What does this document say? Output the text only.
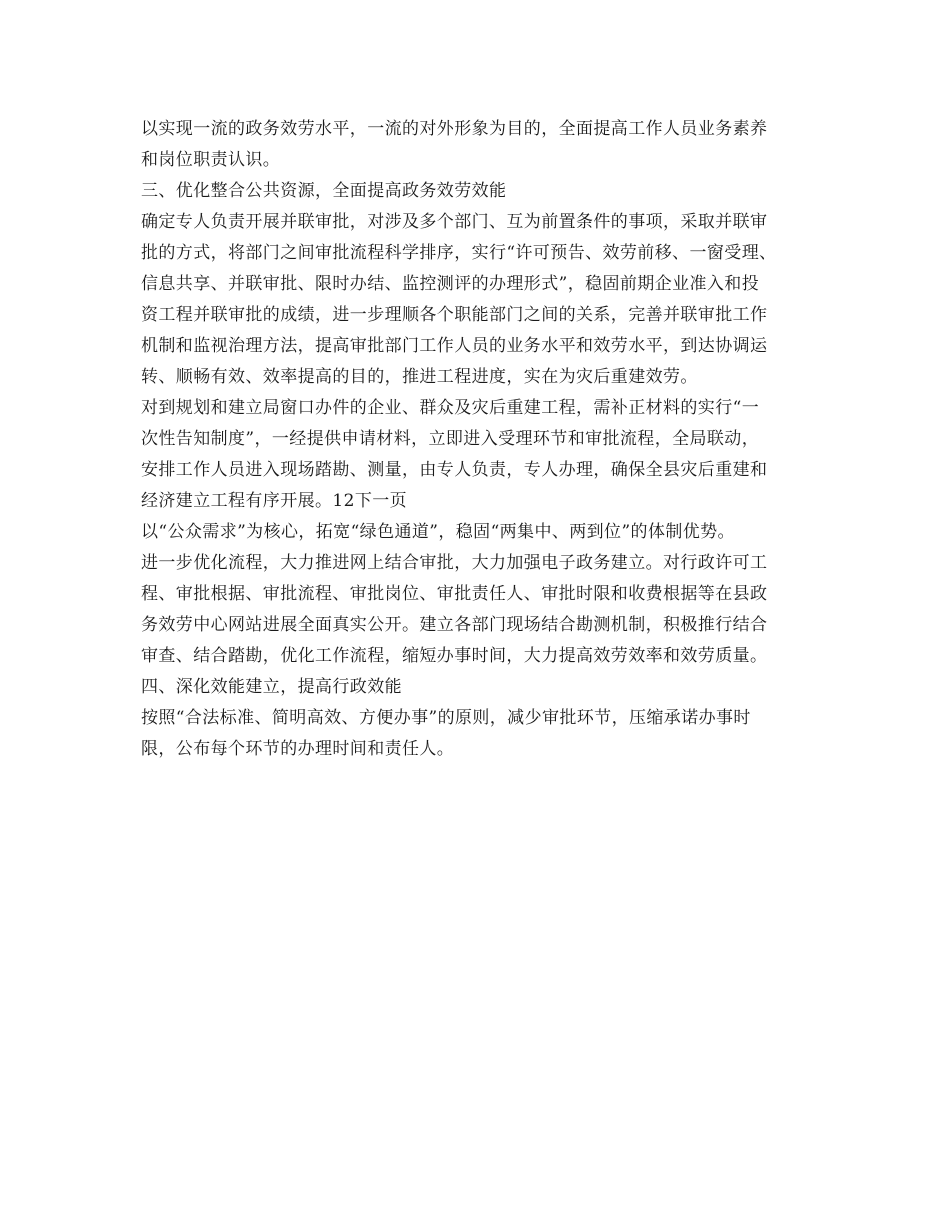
以实现一流的政务效劳水平，一流的对外形象为目的，全面提高工作人员业务素养
和岗位职责认识。
三、优化整合公共资源，全面提高政务效劳效能
确定专人负责开展并联审批，对涉及多个部门、互为前置条件的事项，采取并联审
批的方式，将部门之间审批流程科学排序，实行“许可预告、效劳前移、一窗受理、
信息共享、并联审批、限时办结、监控测评的办理形式”，稳固前期企业准入和投
资工程并联审批的成绩，进一步理顺各个职能部门之间的关系，完善并联审批工作
机制和监视治理方法，提高审批部门工作人员的业务水平和效劳水平，到达协调运
转、顺畅有效、效率提高的目的，推进工程进度，实在为灾后重建效劳。
对到规划和建立局窗口办件的企业、群众及灾后重建工程，需补正材料的实行“一
次性告知制度”，一经提供申请材料，立即进入受理环节和审批流程，全局联动，
安排工作人员进入现场踏勘、测量，由专人负责，专人办理，确保全县灾后重建和
经济建立工程有序开展。12下一页
以“公众需求”为核心，拓宽“绿色通道”，稳固“两集中、两到位”的体制优势。
进一步优化流程，大力推进网上结合审批，大力加强电子政务建立。对行政许可工
程、审批根据、审批流程、审批岗位、审批责任人、审批时限和收费根据等在县政
务效劳中心网站进展全面真实公开。建立各部门现场结合勘测机制，积极推行结合
审查、结合踏勘，优化工作流程，缩短办事时间，大力提高效劳效率和效劳质量。
四、深化效能建立，提高行政效能
按照“合法标准、简明高效、方便办事”的原则，减少审批环节，压缩承诺办事时
限，公布每个环节的办理时间和责任人。
